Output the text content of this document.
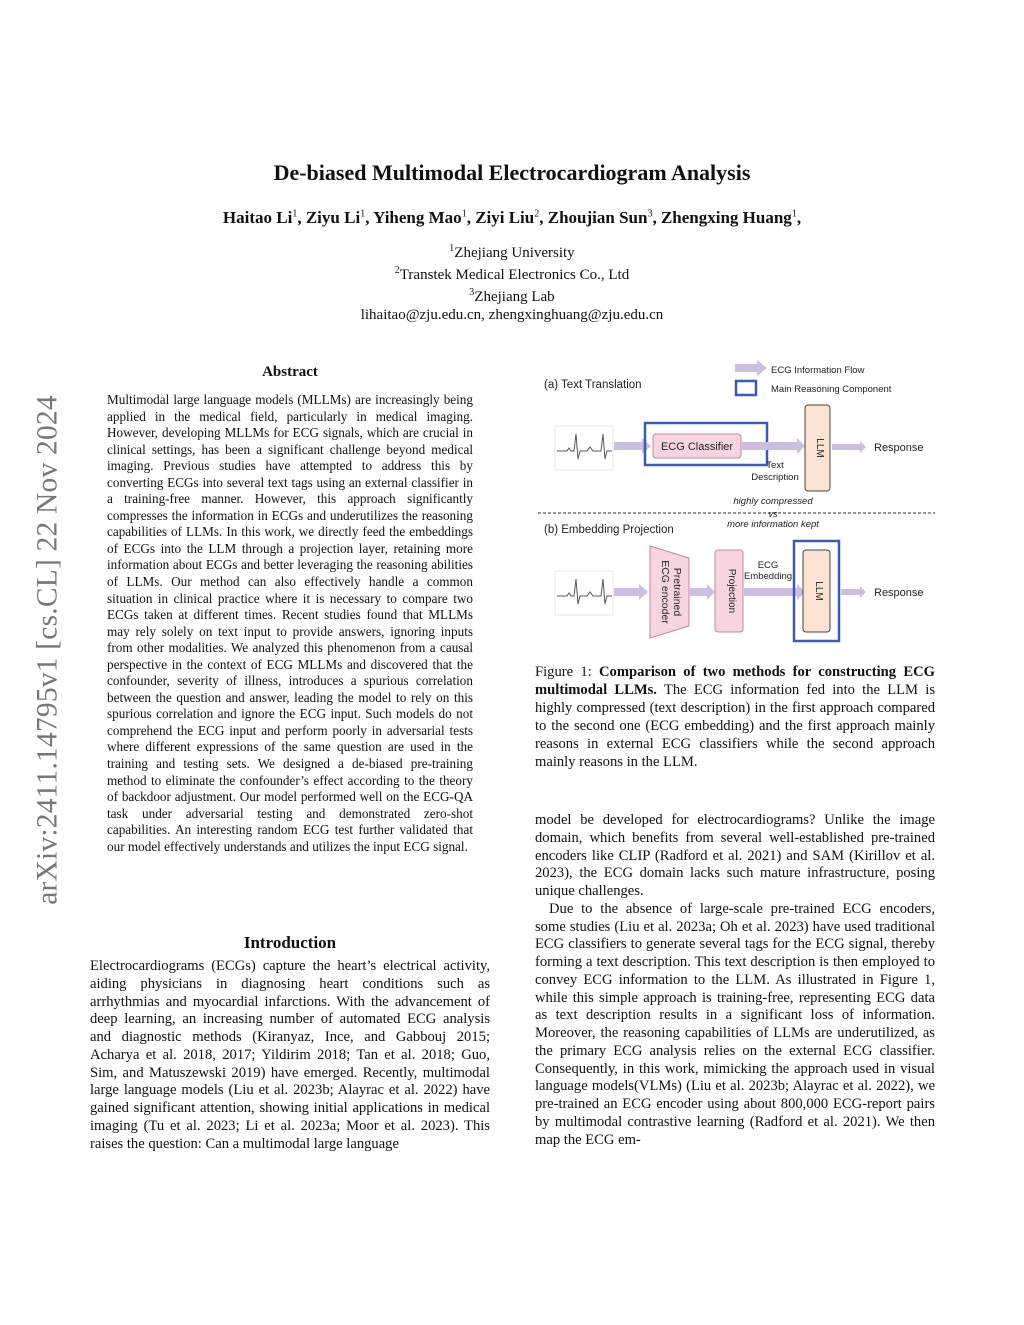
arXiv:2411.14795v1 [cs.CL] 22 Nov 2024
De-biased Multimodal Electrocardiogram Analysis
Haitao Li$^1$, Ziyu Li$^1$, Yiheng Mao$^1$, Ziyi Liu$^2$, Zhoujian Sun$^3$, Zhengxing Huang$^1$,
$^1$Zhejiang University
$^2$Transtek Medical Electronics Co., Ltd
$^3$Zhejiang Lab
lihaitao@zju.edu.cn, zhengxinghuang@zju.edu.cn
Abstract
Multimodal large language models (MLLMs) are increasingly being applied in the medical field, particularly in medical imaging. However, developing MLLMs for ECG signals, which are crucial in clinical settings, has been a significant challenge beyond medical imaging. Previous studies have attempted to address this by converting ECGs into several text tags using an external classifier in a training-free manner. However, this approach significantly compresses the information in ECGs and underutilizes the reasoning capabilities of LLMs. In this work, we directly feed the embeddings of ECGs into the LLM through a projection layer, retaining more information about ECGs and better leveraging the reasoning abilities of LLMs. Our method can also effectively handle a common situation in clinical practice where it is necessary to compare two ECGs taken at different times. Recent studies found that MLLMs may rely solely on text input to provide answers, ignoring inputs from other modalities. We analyzed this phenomenon from a causal perspective in the context of ECG MLLMs and discovered that the confounder, severity of illness, introduces a spurious correlation between the question and answer, leading the model to rely on this spurious correlation and ignore the ECG input. Such models do not comprehend the ECG input and perform poorly in adversarial tests where different expressions of the same question are used in the training and testing sets. We designed a de-biased pre-training method to eliminate the confounder’s effect according to the theory of backdoor adjustment. Our model performed well on the ECG-QA task under adversarial testing and demonstrated zero-shot capabilities. An interesting random ECG test further validated that our model effectively understands and utilizes the input ECG signal.
Introduction
Electrocardiograms (ECGs) capture the heart’s electrical activity, aiding physicians in diagnosing heart conditions such as arrhythmias and myocardial infarctions. With the advancement of deep learning, an increasing number of automated ECG analysis and diagnostic methods (Kiranyaz, Ince, and Gabbouj 2015; Acharya et al. 2018, 2017; Yildirim 2018; Tan et al. 2018; Guo, Sim, and Matuszewski 2019) have emerged. Recently, multimodal large language models (Liu et al. 2023b; Alayrac et al. 2022) have gained significant attention, showing initial applications in medical imaging (Tu et al. 2023; Li et al. 2023a; Moor et al. 2023). This raises the question: Can a multimodal large language
ECG Information Flow
Main Reasoning Component
(a) Text Translation
ECG Classifier
Text
Description
LLM	Response
highly compressed
vs
more information kept
(b) Embedding Projection
Pretrained
ECG encoder	Projection
ECG
Embedding
LLM	Response
Figure 1: Comparison of two methods for constructing ECG multimodal LLMs. The ECG information fed into the LLM is highly compressed (text description) in the first approach compared to the second one (ECG embedding) and the first approach mainly reasons in external ECG classifiers while the second approach mainly reasons in the LLM.

model be developed for electrocardiograms? Unlike the image domain, which benefits from several well-established pre-trained encoders like CLIP (Radford et al. 2021) and SAM (Kirillov et al. 2023), the ECG domain lacks such mature infrastructure, posing unique challenges.

Due to the absence of large-scale pre-trained ECG encoders, some studies (Liu et al. 2023a; Oh et al. 2023) have used traditional ECG classifiers to generate several tags for the ECG signal, thereby forming a text description. This text description is then employed to convey ECG information to the LLM. As illustrated in Figure 1, while this simple approach is training-free, representing ECG data as text description results in a significant loss of information. Moreover, the reasoning capabilities of LLMs are underutilized, as the primary ECG analysis relies on the external ECG classifier. Consequently, in this work, mimicking the approach used in visual language models(VLMs) (Liu et al. 2023b; Alayrac et al. 2022), we pre-trained an ECG encoder using about 800,000 ECG-report pairs by multimodal contrastive learning (Radford et al. 2021). We then map the ECG em-
